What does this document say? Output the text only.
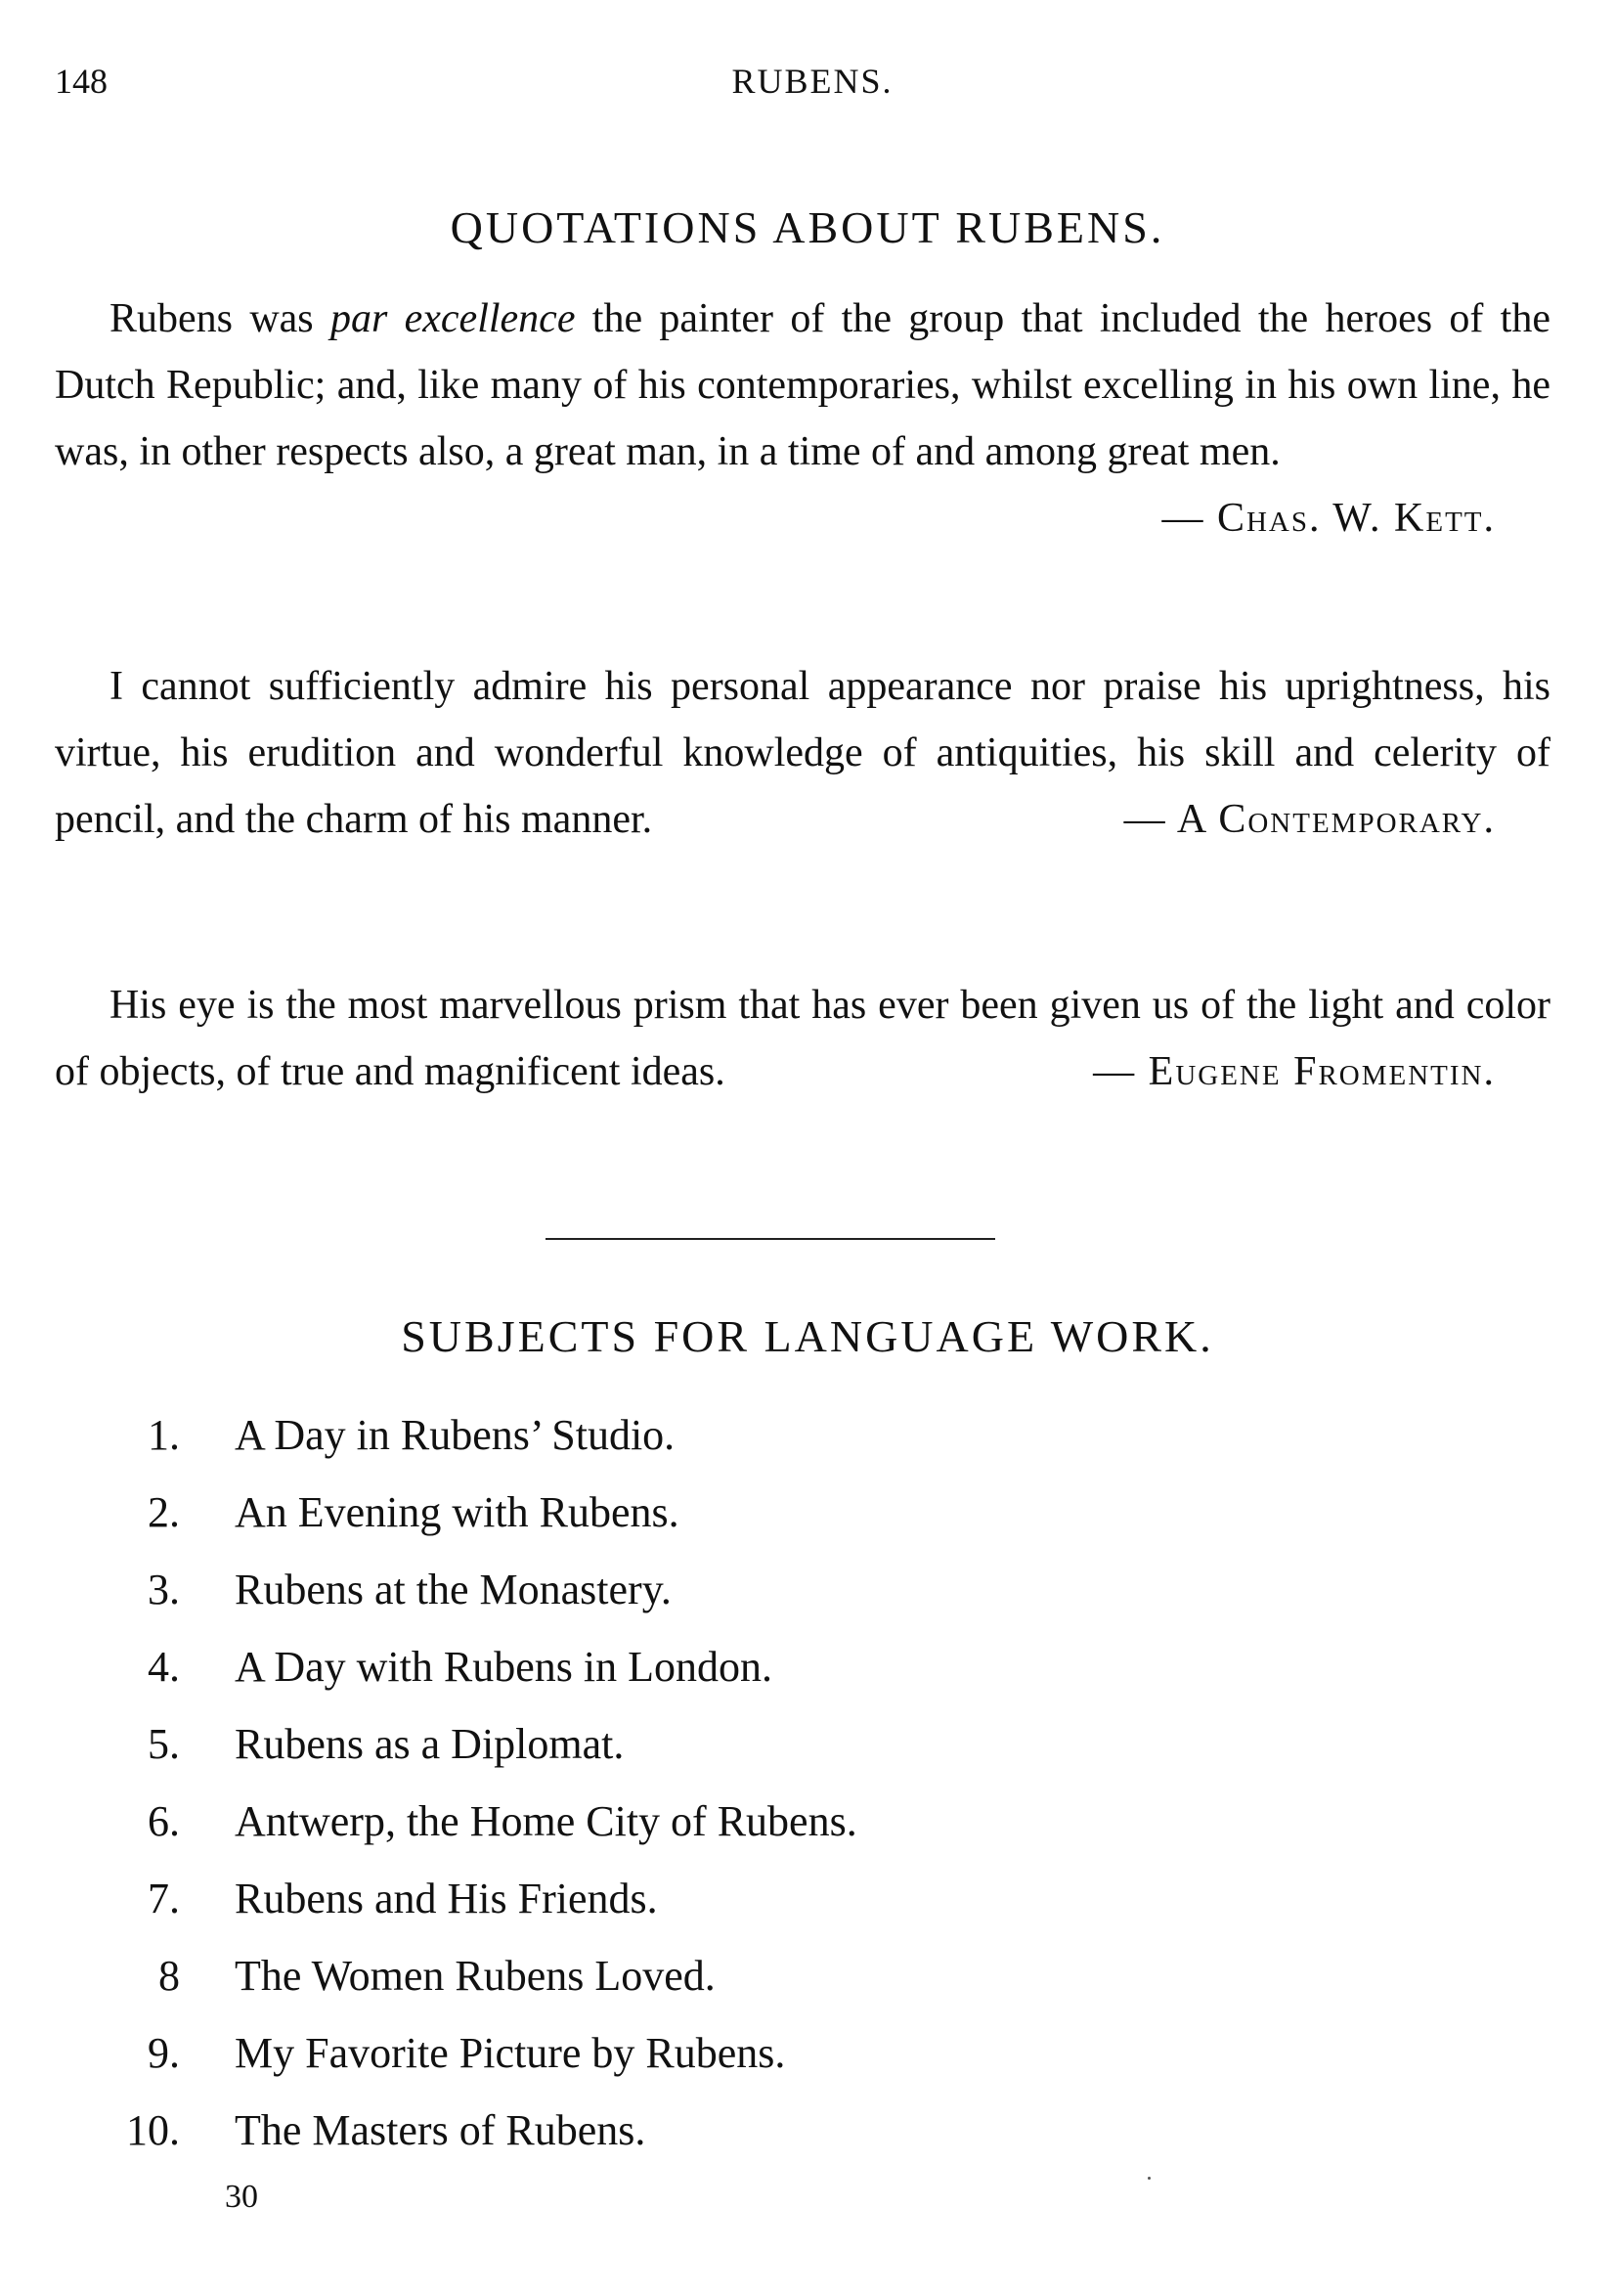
148	RUBENS.
QUOTATIONS ABOUT RUBENS.

Rubens was par excellence the painter of the group that included the heroes of the Dutch Republic; and, like many of his contemporaries, whilst excelling in his own line, he was, in other respects also, a great man, in a time of and among great men.
— Chas. W. Kett.

I cannot sufficiently admire his personal appearance nor praise his uprightness, his virtue, his erudition and wonderful knowledge of antiquities, his skill and celerity of pencil, and the charm of his manner.	— A Contemporary.

His eye is the most marvellous prism that has ever been given us of the light and color of objects, of true and magnificent ideas.	— Eugene Fromentin.

SUBJECTS FOR LANGUAGE WORK.
1. A Day in Rubens’ Studio.
2. An Evening with Rubens.
3. Rubens at the Monastery.
4. A Day with Rubens in London.
5. Rubens as a Diplomat.
6. Antwerp, the Home City of Rubens.
7. Rubens and His Friends.
8 The Women Rubens Loved.
9. My Favorite Picture by Rubens.
10. The Masters of Rubens.
30
